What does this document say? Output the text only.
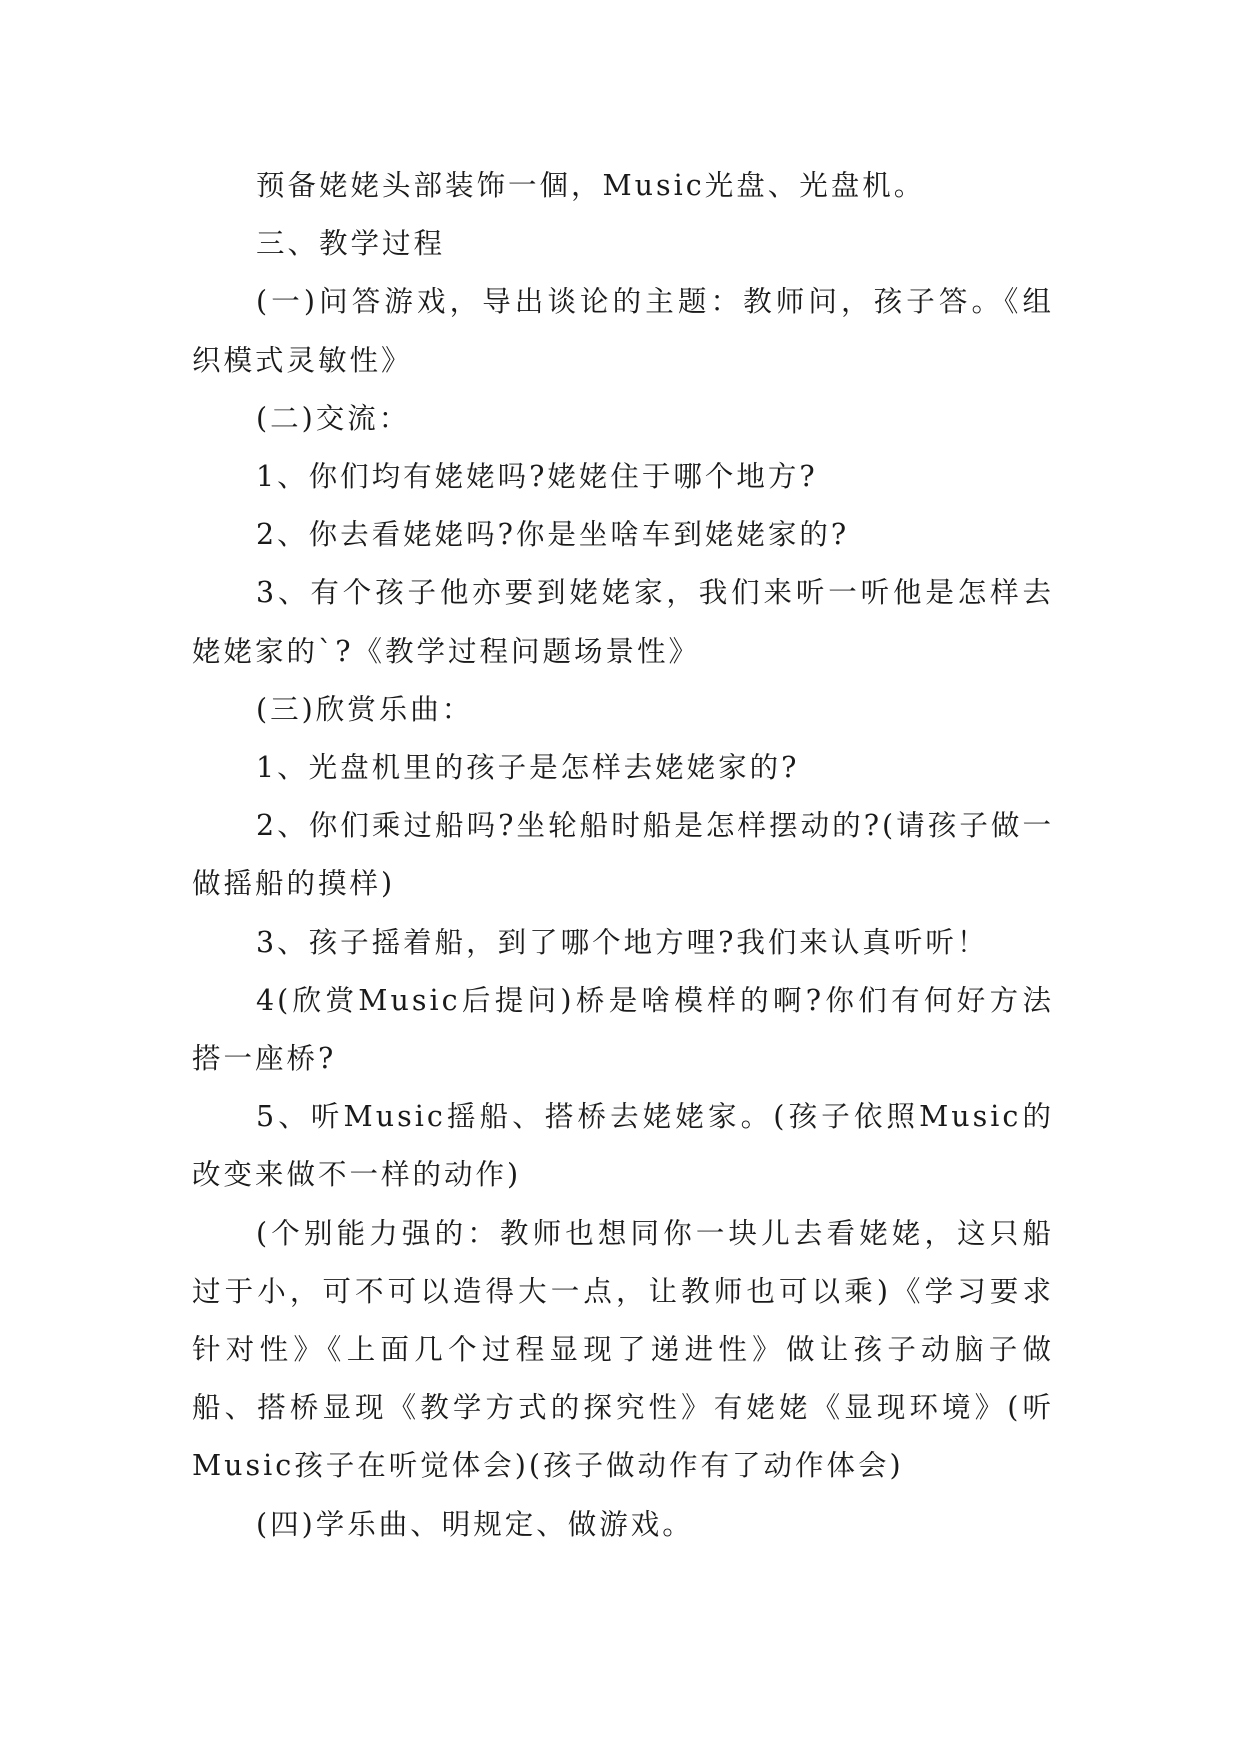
预备姥姥头部装饰一個，Music光盘、光盘机。

三、教学过程

(一)问答游戏，导出谈论的主题：教师问，孩子答。《组织模式灵敏性》

(二)交流：

1、你们均有姥姥吗?姥姥住于哪个地方?

2、你去看姥姥吗?你是坐啥车到姥姥家的?

3、有个孩子他亦要到姥姥家，我们来听一听他是怎样去姥姥家的`?《教学过程问题场景性》

(三)欣赏乐曲：

1、光盘机里的孩子是怎样去姥姥家的?

2、你们乘过船吗?坐轮船时船是怎样摆动的?(请孩子做一做摇船的摸样)

3、孩子摇着船，到了哪个地方哩?我们来认真听听！

4(欣赏Music后提问)桥是啥模样的啊?你们有何好方法搭一座桥?

5、听Music摇船、搭桥去姥姥家。(孩子依照Music的改变来做不一样的动作)

(个别能力强的：教师也想同你一块儿去看姥姥，这只船过于小，可不可以造得大一点，让教师也可以乘)《学习要求针对性》《上面几个过程显现了递进性》做让孩子动脑子做船、搭桥显现《教学方式的探究性》有姥姥《显现环境》(听Music孩子在听觉体会)(孩子做动作有了动作体会)

(四)学乐曲、明规定、做游戏。
